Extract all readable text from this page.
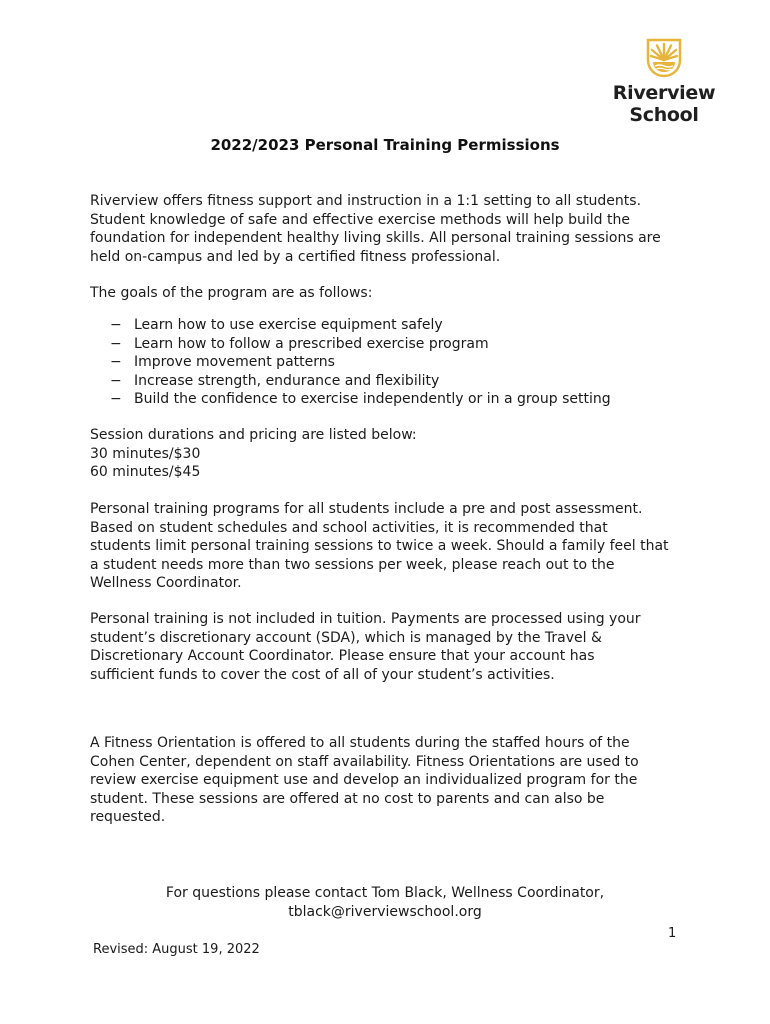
Riverview
School
2022/2023 Personal Training Permissions
Riverview offers fitness support and instruction in a 1:1 setting to all students.
Student knowledge of safe and effective exercise methods will help build the
foundation for independent healthy living skills. All personal training sessions are
held on-campus and led by a certified fitness professional.
The goals of the program are as follows:
− Learn how to use exercise equipment safely
− Learn how to follow a prescribed exercise program
− Improve movement patterns
− Increase strength, endurance and flexibility
− Build the confidence to exercise independently or in a group setting
Session durations and pricing are listed below:
30 minutes/$30
60 minutes/$45
Personal training programs for all students include a pre and post assessment.
Based on student schedules and school activities, it is recommended that
students limit personal training sessions to twice a week. Should a family feel that
a student needs more than two sessions per week, please reach out to the
Wellness Coordinator.
Personal training is not included in tuition. Payments are processed using your
student’s discretionary account (SDA), which is managed by the Travel &
Discretionary Account Coordinator. Please ensure that your account has
sufficient funds to cover the cost of all of your student’s activities.
A Fitness Orientation is offered to all students during the staffed hours of the
Cohen Center, dependent on staff availability. Fitness Orientations are used to
review exercise equipment use and develop an individualized program for the
student. These sessions are offered at no cost to parents and can also be
requested.
For questions please contact Tom Black, Wellness Coordinator,
tblack@riverviewschool.org
1
Revised: August 19, 2022
